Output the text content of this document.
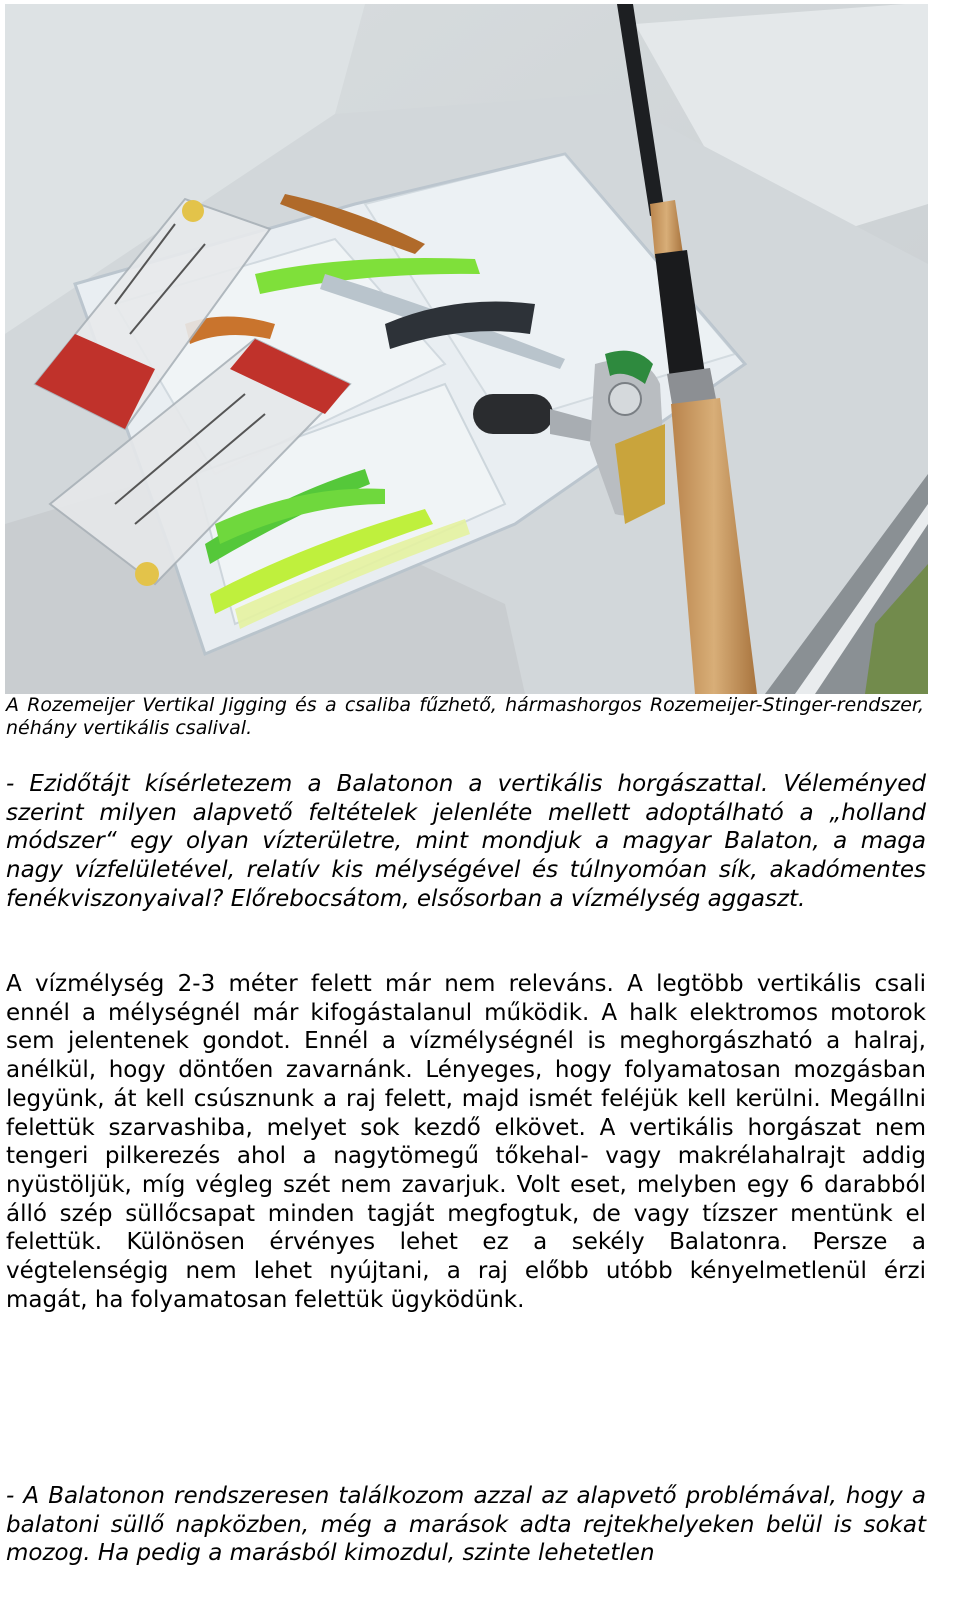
A Rozemeijer Vertikal Jigging és a csaliba fűzhető, hármashorgos Rozemeijer-Stinger-rendszer, néhány vertikális csalival.

- Ezidőtájt kísérletezem a Balatonon a vertikális horgászattal. Véleményed szerint milyen alapvető feltételek jelenléte mellett adoptálható a „holland módszer“ egy olyan vízterületre, mint mondjuk a magyar Balaton, a maga nagy vízfelületével, relatív kis mélységével és túlnyomóan sík, akadómentes fenékviszonyaival? Előrebocsátom, elsősorban a vízmélység aggaszt.

A vízmélység 2-3 méter felett már nem releváns. A legtöbb vertikális csali ennél a mélységnél már kifogástalanul működik. A halk elektromos motorok sem jelentenek gondot. Ennél a vízmélységnél is meghorgászható a halraj, anélkül, hogy döntően zavarnánk. Lényeges, hogy folyamatosan mozgásban legyünk, át kell csúsznunk a raj felett, majd ismét feléjük kell kerülni. Megállni felettük szarvashiba, melyet sok kezdő elkövet. A vertikális horgászat nem tengeri pilkerezés ahol a nagytömegű tőkehal- vagy makrélahalrajt addig nyüstöljük, míg végleg szét nem zavarjuk. Volt eset, melyben egy 6 darabból álló szép süllőcsapat minden tagját megfogtuk, de vagy tízszer mentünk el felettük. Különösen érvényes lehet ez a sekély Balatonra. Persze a végtelenségig nem lehet nyújtani, a raj előbb utóbb kényelmetlenül érzi magát, ha folyamatosan felettük ügyködünk.

- A Balatonon rendszeresen találkozom azzal az alapvető problémával, hogy a balatoni süllő napközben, még a marások adta rejtekhelyeken belül is sokat mozog. Ha pedig a marásból kimozdul, szinte lehetetlen
